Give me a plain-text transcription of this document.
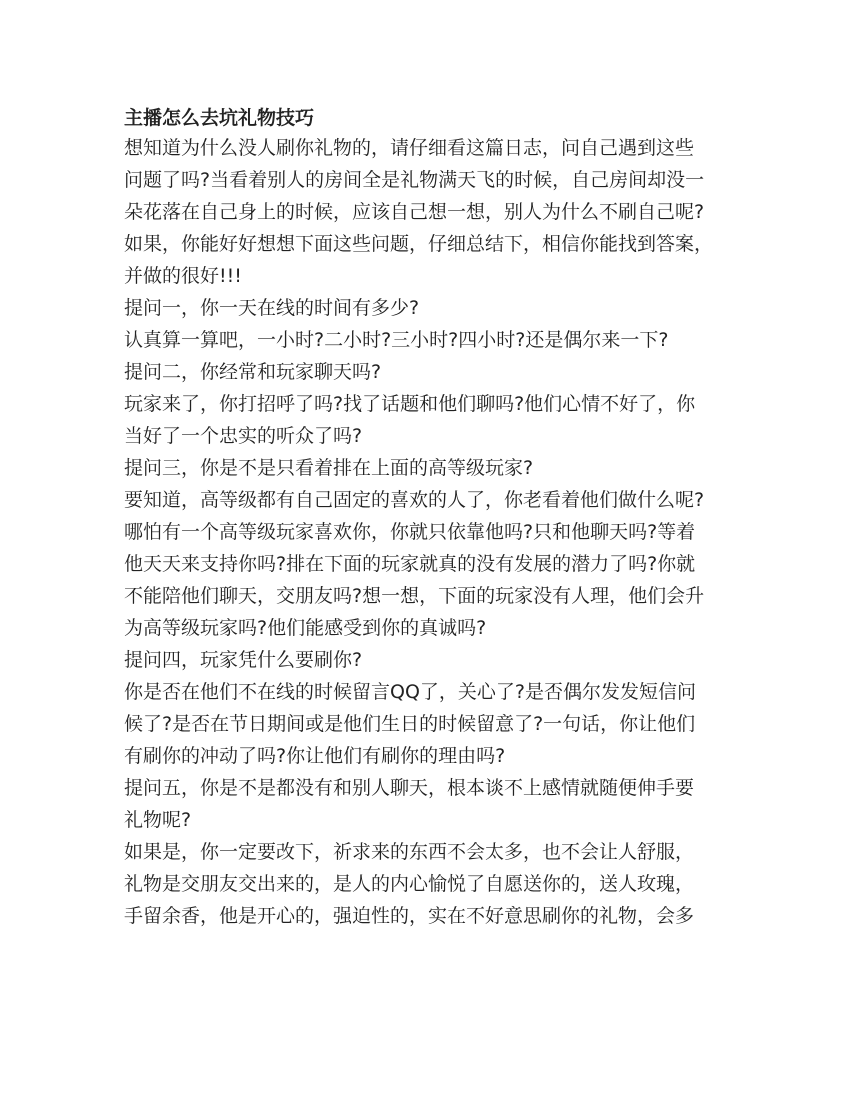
主播怎么去坑礼物技巧

想知道为什么没人刷你礼物的，请仔细看这篇日志，问自己遇到这些
问题了吗?当看着别人的房间全是礼物满天飞的时候，自己房间却没一
朵花落在自己身上的时候，应该自己想一想，别人为什么不刷自己呢?
如果，你能好好想想下面这些问题，仔细总结下，相信你能找到答案，
并做的很好!!!

提问一，你一天在线的时间有多少?

认真算一算吧，一小时?二小时?三小时?四小时?还是偶尔来一下?

提问二，你经常和玩家聊天吗?

玩家来了，你打招呼了吗?找了话题和他们聊吗?他们心情不好了，你
当好了一个忠实的听众了吗?

提问三，你是不是只看着排在上面的高等级玩家?

要知道，高等级都有自己固定的喜欢的人了，你老看着他们做什么呢?
哪怕有一个高等级玩家喜欢你，你就只依靠他吗?只和他聊天吗?等着
他天天来支持你吗?排在下面的玩家就真的没有发展的潜力了吗?你就
不能陪他们聊天，交朋友吗?想一想，下面的玩家没有人理，他们会升
为高等级玩家吗?他们能感受到你的真诚吗?

提问四，玩家凭什么要刷你?

你是否在他们不在线的时候留言QQ了，关心了?是否偶尔发发短信问
候了?是否在节日期间或是他们生日的时候留意了?一句话，你让他们
有刷你的冲动了吗?你让他们有刷你的理由吗?

提问五，你是不是都没有和别人聊天，根本谈不上感情就随便伸手要
礼物呢?

如果是，你一定要改下，祈求来的东西不会太多，也不会让人舒服，
礼物是交朋友交出来的，是人的内心愉悦了自愿送你的，送人玫瑰，
手留余香，他是开心的，强迫性的，实在不好意思刷你的礼物，会多
